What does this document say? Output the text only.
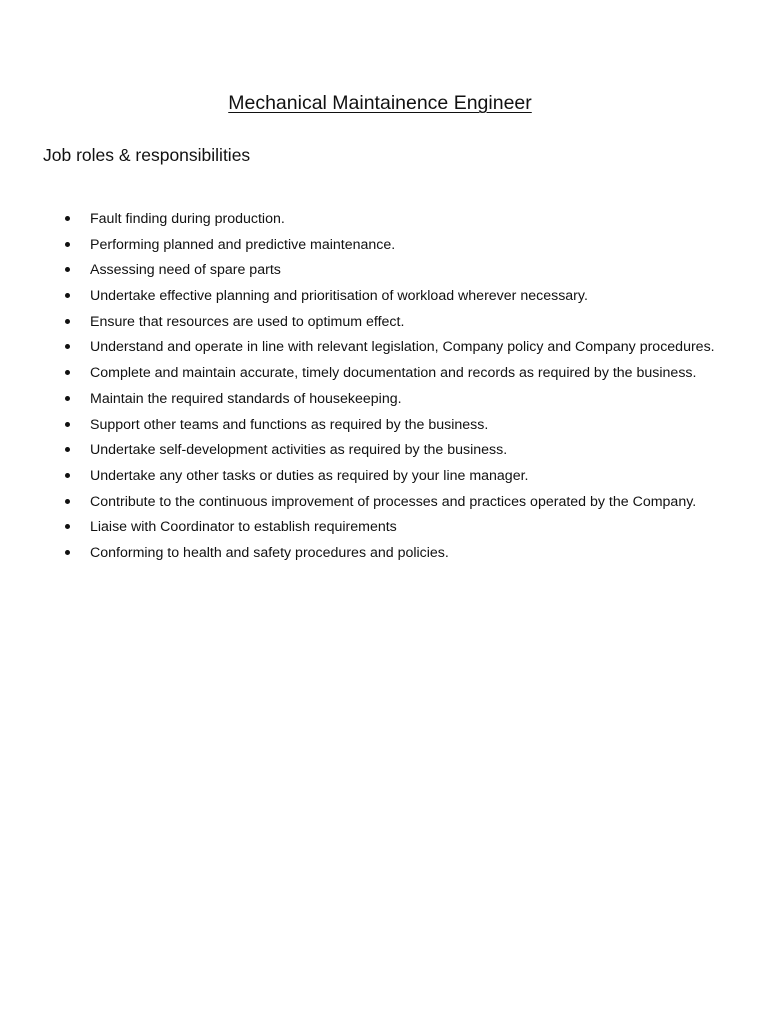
Mechanical Maintainence Engineer
Job roles & responsibilities
Fault finding during production.
Performing planned and predictive maintenance.
Assessing need of spare parts
Undertake effective planning and prioritisation of workload wherever necessary.
Ensure that resources are used to optimum effect.
Understand and operate in line with relevant legislation, Company policy and Company procedures.
Complete and maintain accurate, timely documentation and records as required by the business.
Maintain the required standards of housekeeping.
Support other teams and functions as required by the business.
Undertake self-development activities as required by the business.
Undertake any other tasks or duties as required by your line manager.
Contribute to the continuous improvement of processes and practices operated by the Company.
Liaise with Coordinator to establish requirements
Conforming to health and safety procedures and policies.
